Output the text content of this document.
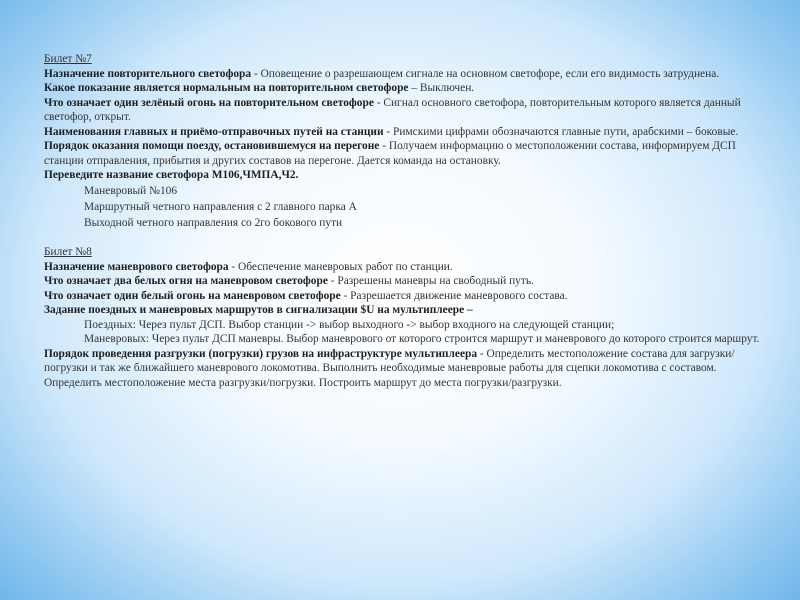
Билет №7

Назначение повторительного светофора - Оповещение о разрешающем сигнале на основном светофоре, если его видимость затруднена.

Какое показание является нормальным на повторительном светофоре – Выключен.

Что означает один зелёный огонь на повторительном светофоре - Сигнал основного светофора, повторительным которого является данный светофор, открыт.

Наименования главных и приёмо-отправочных путей на станции - Римскими цифрами обозначаются главные пути, арабскими – боковые.

Порядок оказания помощи поезду, остановившемуся на перегоне - Получаем информацию о местоположении состава, информируем ДСП станции отправления, прибытия и других составов на перегоне. Дается команда на остановку.

Переведите название светофора М106,ЧМПА,Ч2.

Маневровый №106

Маршрутный четного направления с 2 главного парка А

Выходной четного направления со 2го бокового пути

Билет №8

Назначение маневрового светофора - Обеспечение маневровых работ по станции.

Что означает два белых огня на маневровом светофоре - Разрешены маневры на свободный путь.

Что означает один белый огонь на маневровом светофоре - Разрешается движение маневрового состава.

Задание поездных и маневровых маршрутов в сигнализации $U на мультиплеере –

Поездных: Через пульт ДСП. Выбор станции -> выбор выходного -> выбор входного на следующей станции;

Маневровых: Через пульт ДСП маневры. Выбор маневрового от которого строится маршрут и маневрового до которого строится маршрут.

Порядок проведения разгрузки (погрузки) грузов на инфраструктуре мультиплеера - Определить местоположение состава для загрузки/погрузки и так же ближайшего маневрового локомотива. Выполнить необходимые маневровые работы для сцепки локомотива с составом. Определить местоположение места разгрузки/погрузки. Построить маршрут до места погрузки/разгрузки.
